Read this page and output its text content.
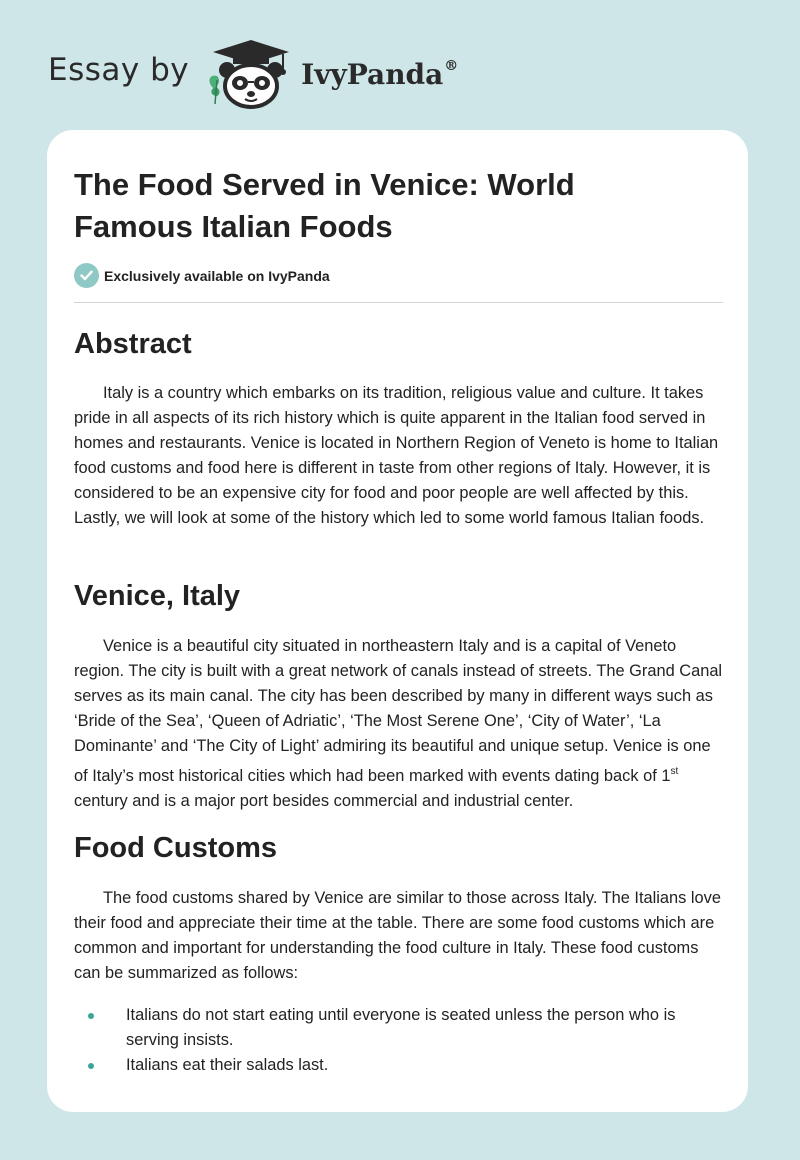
Essay by	IvyPanda®
The Food Served in Venice: World Famous Italian Foods
Exclusively available on IvyPanda
Abstract

Italy is a country which embarks on its tradition, religious value and culture. It takes pride in all aspects of its rich history which is quite apparent in the Italian food served in homes and restaurants. Venice is located in Northern Region of Veneto is home to Italian food customs and food here is different in taste from other regions of Italy. However, it is considered to be an expensive city for food and poor people are well affected by this. Lastly, we will look at some of the history which led to some world famous Italian foods.

Venice, Italy

Venice is a beautiful city situated in northeastern Italy and is a capital of Veneto region. The city is built with a great network of canals instead of streets. The Grand Canal serves as its main canal. The city has been described by many in different ways such as ‘Bride of the Sea’, ‘Queen of Adriatic’, ‘The Most Serene One’, ‘City of Water’, ‘La Dominante’ and ‘The City of Light’ admiring its beautiful and unique setup. Venice is one of Italy’s most historical cities which had been marked with events dating back of 1st century and is a major port besides commercial and industrial center.

Food Customs

The food customs shared by Venice are similar to those across Italy. The Italians love their food and appreciate their time at the table. There are some food customs which are common and important for understanding the food culture in Italy. These food customs can be summarized as follows:

Italians do not start eating until everyone is seated unless the person who is serving insists.
Italians eat their salads last.
